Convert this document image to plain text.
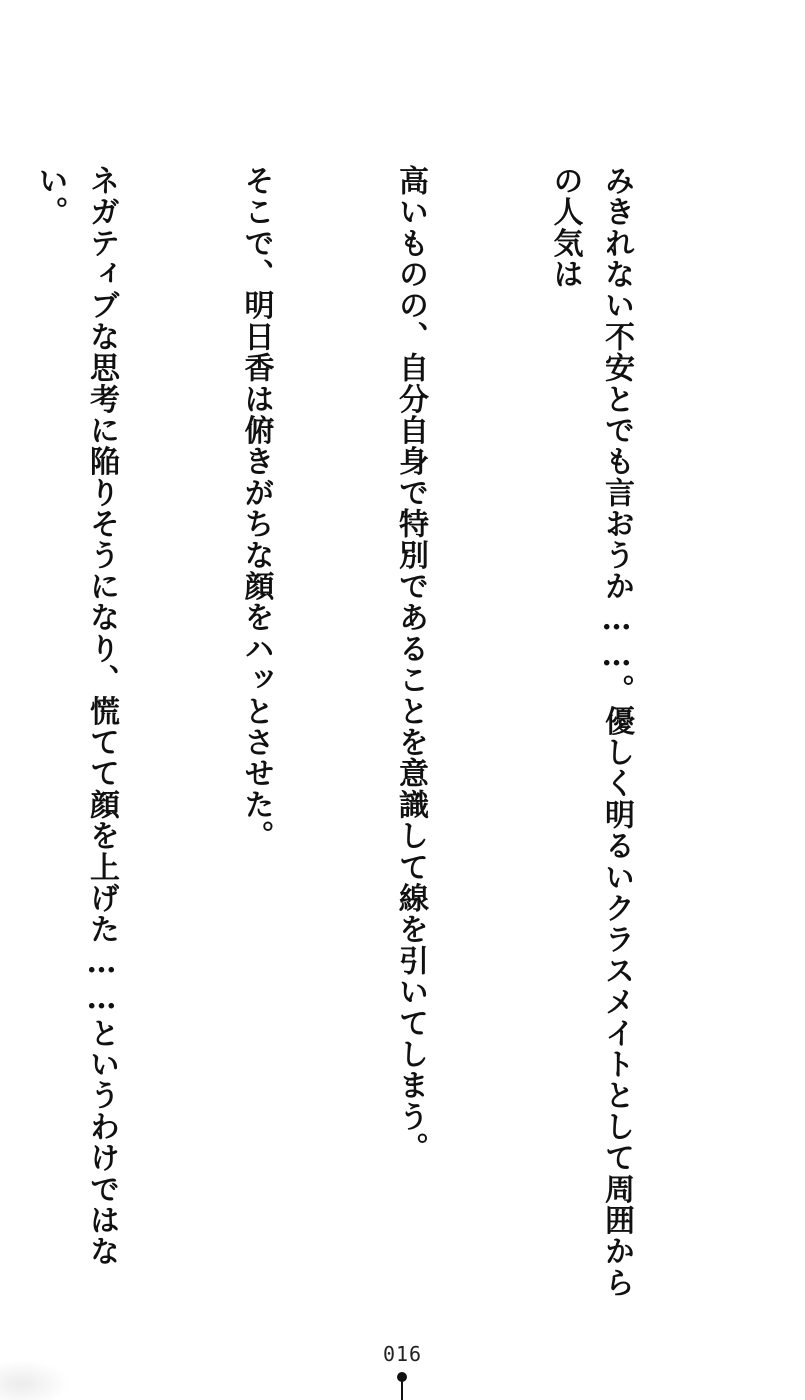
みきれない不安とでも言おうか……。優しく明るいクラスメイトとして周囲からの人気は

高いものの、自分自身で特別であることを意識して線を引いてしまう。

そこで、明日香は俯きがちな顔をハッとさせた。

ネガティブな思考に陥りそうになり、慌てて顔を上げた……というわけではない。

016
